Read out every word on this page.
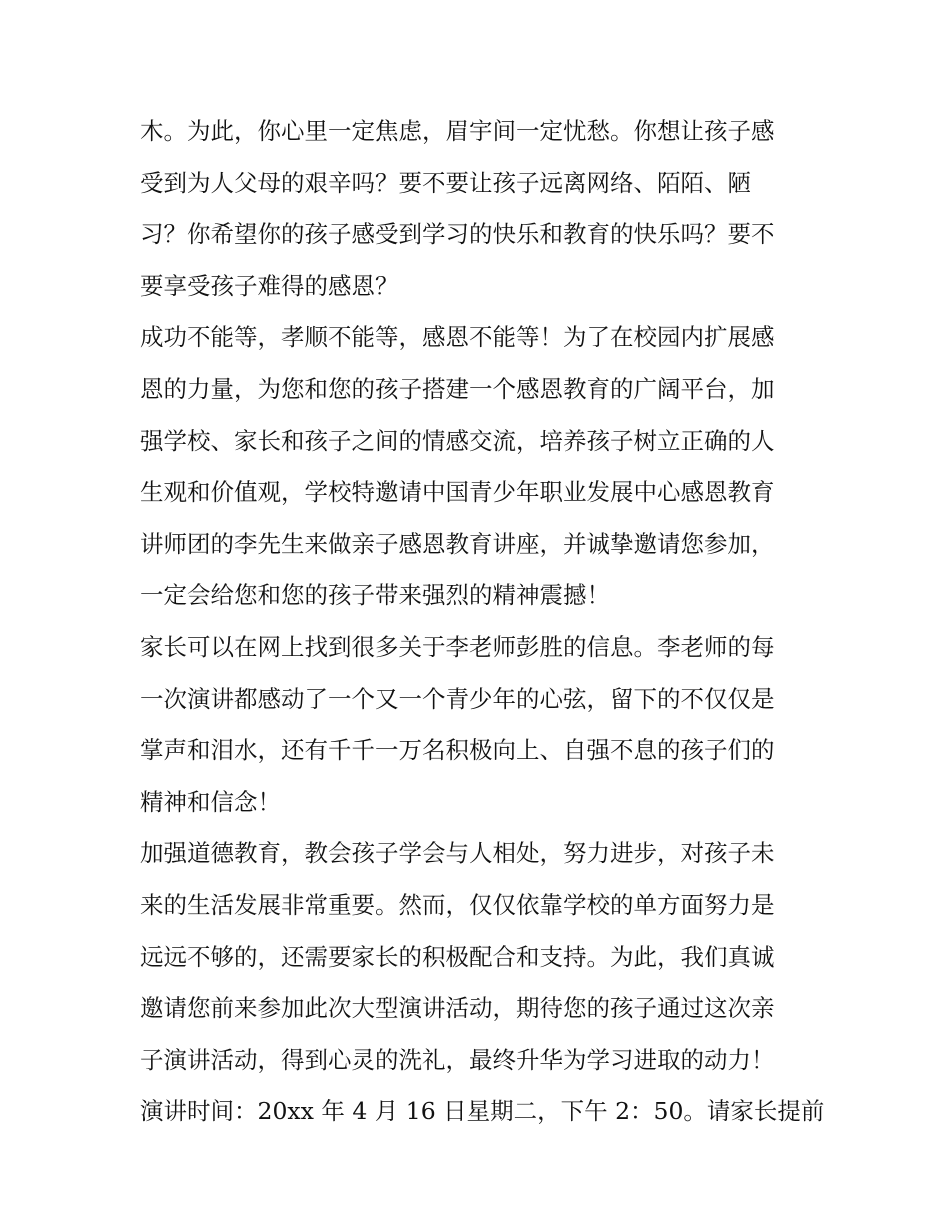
木。为此，你心里一定焦虑，眉宇间一定忧愁。你想让孩子感
受到为人父母的艰辛吗？要不要让孩子远离网络、陌陌、陋
习？你希望你的孩子感受到学习的快乐和教育的快乐吗？要不
要享受孩子难得的感恩？
成功不能等，孝顺不能等，感恩不能等！为了在校园内扩展感
恩的力量，为您和您的孩子搭建一个感恩教育的广阔平台，加
强学校、家长和孩子之间的情感交流，培养孩子树立正确的人
生观和价值观，学校特邀请中国青少年职业发展中心感恩教育
讲师团的李先生来做亲子感恩教育讲座，并诚挚邀请您参加，
一定会给您和您的孩子带来强烈的精神震撼！
家长可以在网上找到很多关于李老师彭胜的信息。李老师的每
一次演讲都感动了一个又一个青少年的心弦，留下的不仅仅是
掌声和泪水，还有千千一万名积极向上、自强不息的孩子们的
精神和信念！
加强道德教育，教会孩子学会与人相处，努力进步，对孩子未
来的生活发展非常重要。然而，仅仅依靠学校的单方面努力是
远远不够的，还需要家长的积极配合和支持。为此，我们真诚
邀请您前来参加此次大型演讲活动，期待您的孩子通过这次亲
子演讲活动，得到心灵的洗礼，最终升华为学习进取的动力！
演讲时间：20xx 年 4 月 16 日星期二，下午 2：50。请家长提前
